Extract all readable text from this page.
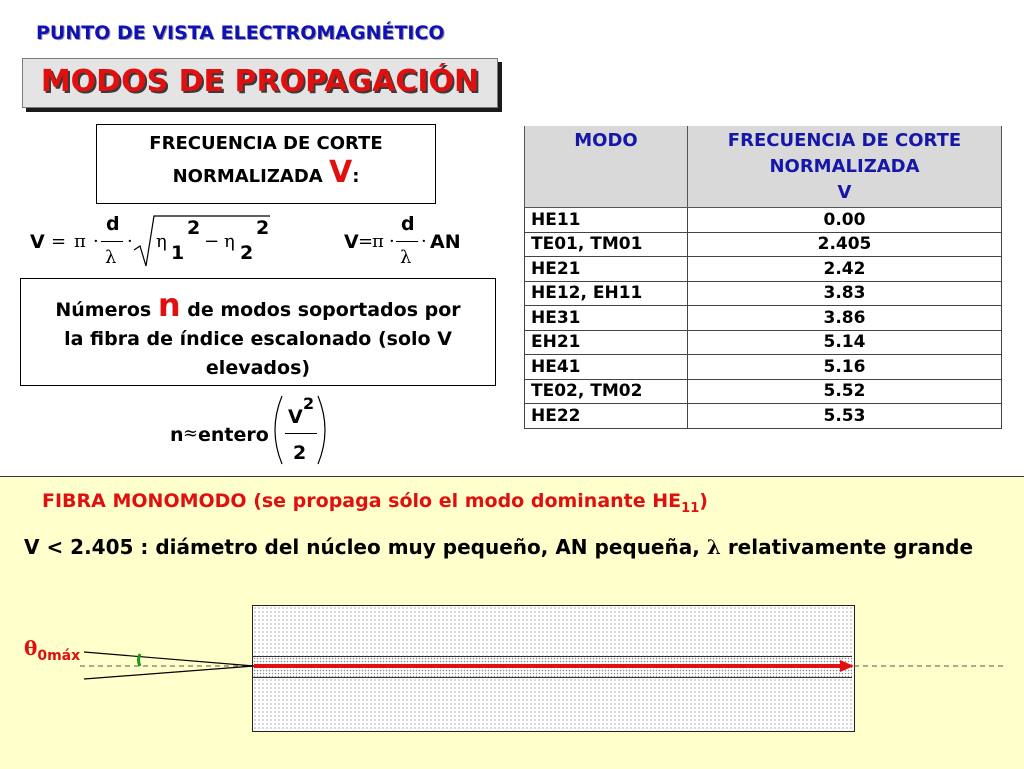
PUNTO DE VISTA ELECTROMAGNÉTICO
MODOS DE PROPAGACIÓN
FRECUENCIA DE CORTE
NORMALIZADA V:
V = π ·
d
λ
· η
1
2
− η
2
2
V =
π ·
d
λ
· AN
Números n de modos soportados por
la fibra de índice escalonado (solo V
elevados)
n ≈ entero
V
2
2
MODO	FRECUENCIA DE CORTE
NORMALIZADA
V
HE11	0.00
TE01, TM01	2.405
HE21	2.42
HE12, EH11	3.83
HE31	3.86
EH21	5.14
HE41	5.16
TE02, TM02	5.52
HE22	5.53
FIBRA MONOMODO (se propaga sólo el modo dominante $HE_{11}$)
V < 2.405 : diámetro del núcleo muy pequeño, AN pequeña, λ relativamente grande
$\theta_{0máx}$
